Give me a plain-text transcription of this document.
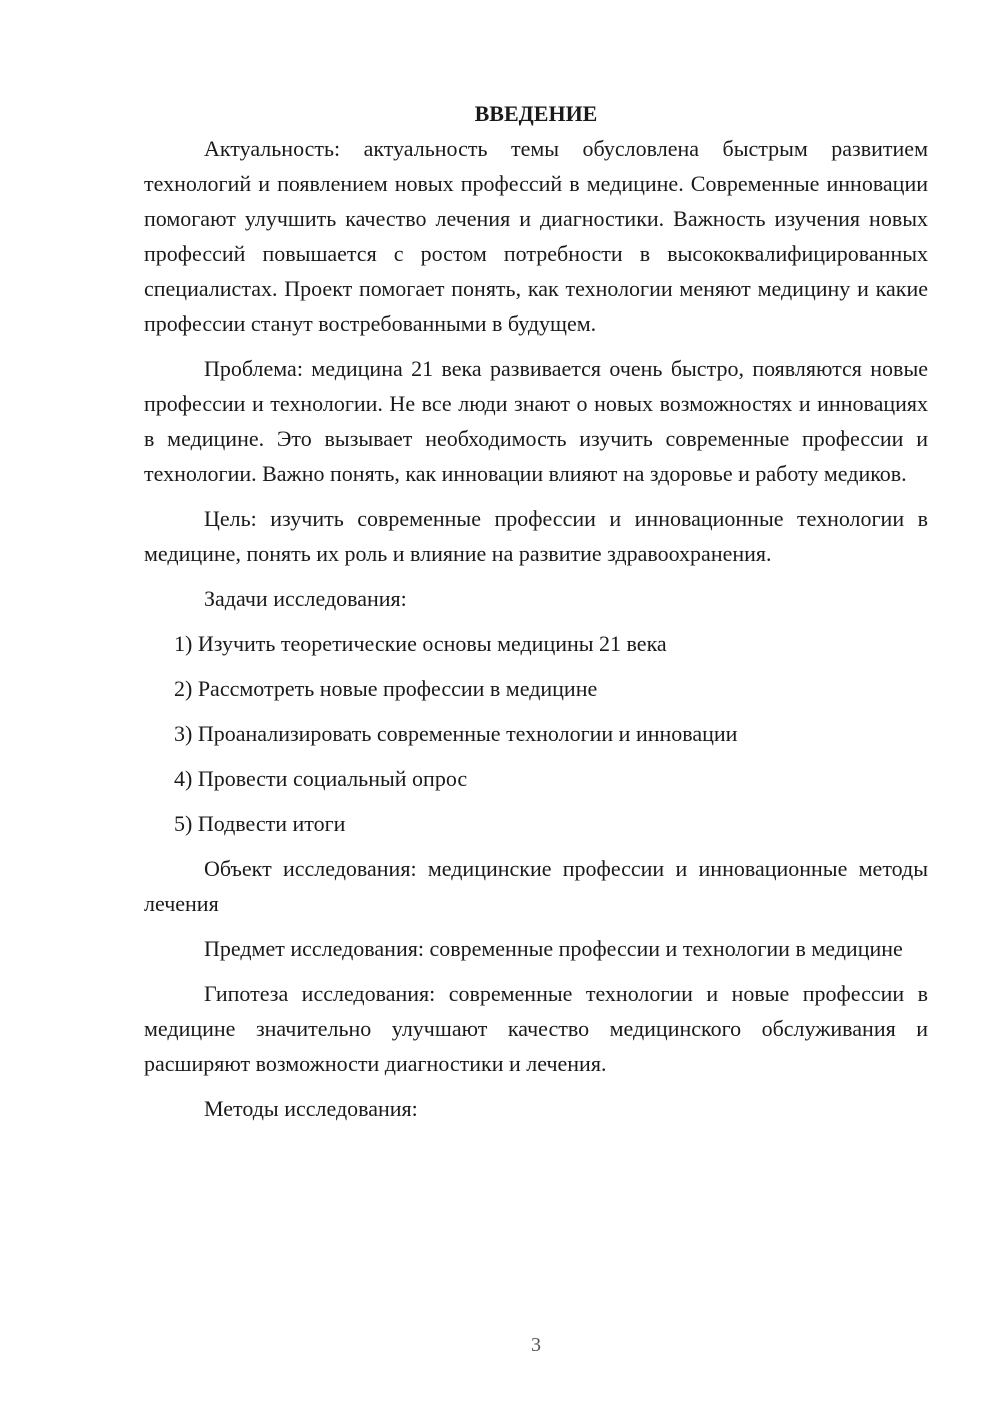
ВВЕДЕНИЕ

Актуальность: актуальность темы обусловлена быстрым развитием технологий и появлением новых профессий в медицине. Современные инновации помогают улучшить качество лечения и диагностики. Важность изучения новых профессий повышается с ростом потребности в высококвалифицированных специалистах. Проект помогает понять, как технологии меняют медицину и какие профессии станут востребованными в будущем.

Проблема: медицина 21 века развивается очень быстро, появляются новые профессии и технологии. Не все люди знают о новых возможностях и инновациях в медицине. Это вызывает необходимость изучить современные профессии и технологии. Важно понять, как инновации влияют на здоровье и работу медиков.

Цель: изучить современные профессии и инновационные технологии в медицине, понять их роль и влияние на развитие здравоохранения.

Задачи исследования:

1) Изучить теоретические основы медицины 21 века

2) Рассмотреть новые профессии в медицине

3) Проанализировать современные технологии и инновации

4) Провести социальный опрос

5) Подвести итоги

Объект исследования: медицинские профессии и инновационные методы лечения

Предмет исследования: современные профессии и технологии в медицине

Гипотеза исследования: современные технологии и новые профессии в медицине значительно улучшают качество медицинского обслуживания и расширяют возможности диагностики и лечения.

Методы исследования:

3
